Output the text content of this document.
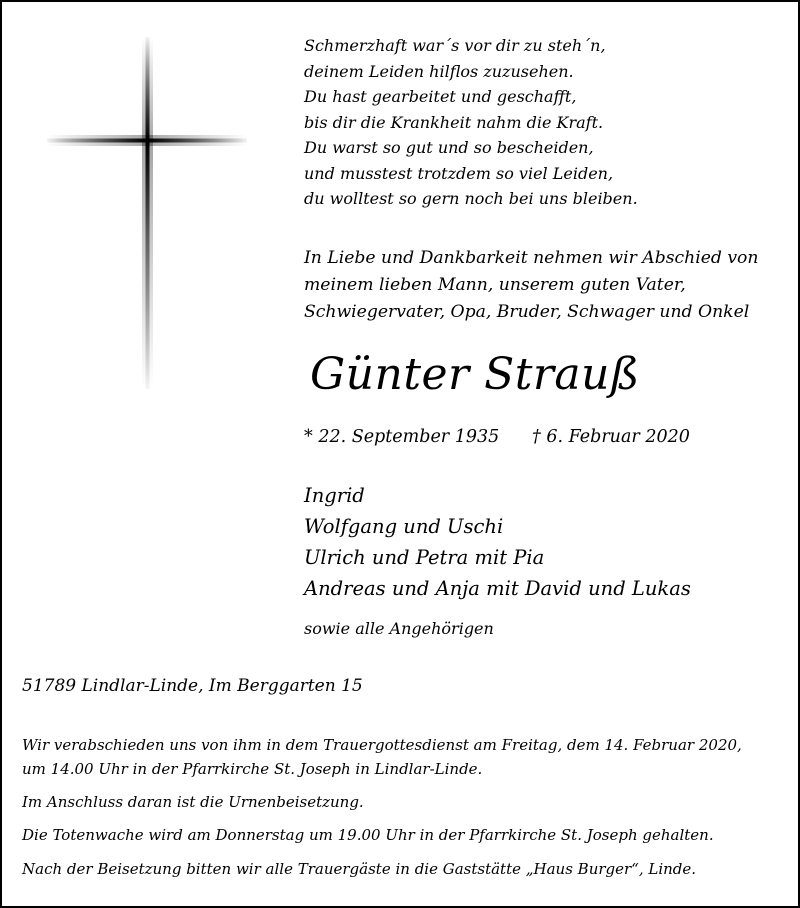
Schmerzhaft war´s vor dir zu steh´n,
deinem Leiden hilflos zuzusehen.
Du hast gearbeitet und geschafft,
bis dir die Krankheit nahm die Kraft.
Du warst so gut und so bescheiden,
und musstest trotzdem so viel Leiden,
du wolltest so gern noch bei uns bleiben.
In Liebe und Dankbarkeit nehmen wir Abschied von
meinem lieben Mann, unserem guten Vater,
Schwiegervater, Opa, Bruder, Schwager und Onkel
Günter Strauß
* 22. September 1935 † 6. Februar 2020
Ingrid
Wolfgang und Uschi
Ulrich und Petra mit Pia
Andreas und Anja mit David und Lukas
sowie alle Angehörigen
51789 Lindlar-Linde, Im Berggarten 15
Wir verabschieden uns von ihm in dem Trauergottesdienst am Freitag, dem 14. Februar 2020,
um 14.00 Uhr in der Pfarrkirche St. Joseph in Lindlar-Linde.
Im Anschluss daran ist die Urnenbeisetzung.
Die Totenwache wird am Donnerstag um 19.00 Uhr in der Pfarrkirche St. Joseph gehalten.
Nach der Beisetzung bitten wir alle Trauergäste in die Gaststätte „Haus Burger“, Linde.
